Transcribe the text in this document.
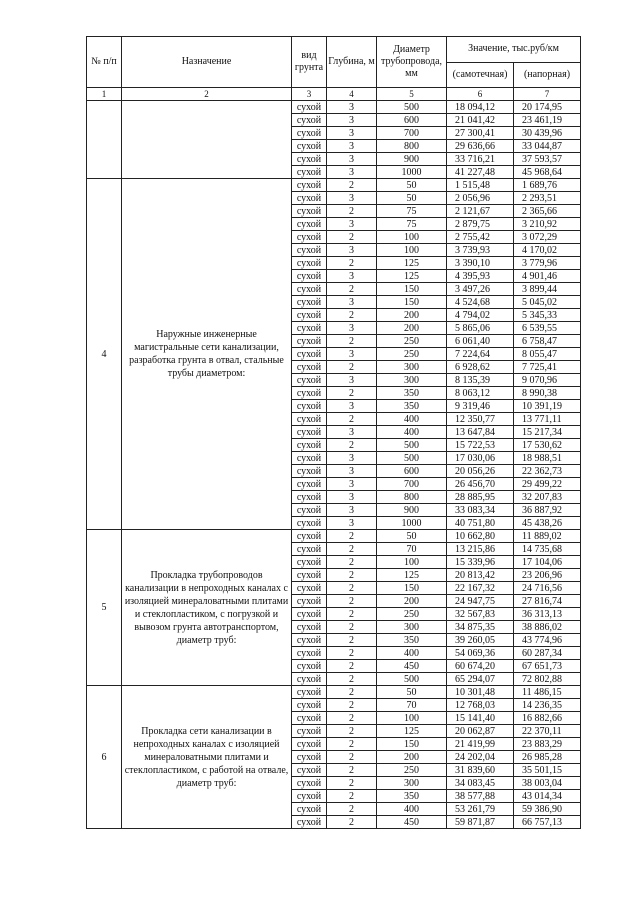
№ п/п	Назначение	вид грунта	Глубина, м	Диаметр трубопровода, мм	Значение, тыс.руб/км	
					(самотечная)	(напорная)
1	2	3	4	5	6	7
		сухой	3	500	18 094,12	20 174,95
		сухой	3	600	21 041,42	23 461,19
		сухой	3	700	27 300,41	30 439,96
		сухой	3	800	29 636,66	33 044,87
		сухой	3	900	33 716,21	37 593,57
		сухой	3	1000	41 227,48	45 968,64
4	Наружные инженерные магистральные сети канализации, разработка грунта в отвал, стальные трубы диаметром:	сухой	2	50	1 515,48	1 689,76
		сухой	3	50	2 056,96	2 293,51
		сухой	2	75	2 121,67	2 365,66
		сухой	3	75	2 879,75	3 210,92
		сухой	2	100	2 755,42	3 072,29
		сухой	3	100	3 739,93	4 170,02
		сухой	2	125	3 390,10	3 779,96
		сухой	3	125	4 395,93	4 901,46
		сухой	2	150	3 497,26	3 899,44
		сухой	3	150	4 524,68	5 045,02
		сухой	2	200	4 794,02	5 345,33
		сухой	3	200	5 865,06	6 539,55
		сухой	2	250	6 061,40	6 758,47
		сухой	3	250	7 224,64	8 055,47
		сухой	2	300	6 928,62	7 725,41
		сухой	3	300	8 135,39	9 070,96
		сухой	2	350	8 063,12	8 990,38
		сухой	3	350	9 319,46	10 391,19
		сухой	2	400	12 350,77	13 771,11
		сухой	3	400	13 647,84	15 217,34
		сухой	2	500	15 722,53	17 530,62
		сухой	3	500	17 030,06	18 988,51
		сухой	3	600	20 056,26	22 362,73
		сухой	3	700	26 456,70	29 499,22
		сухой	3	800	28 885,95	32 207,83
		сухой	3	900	33 083,34	36 887,92
		сухой	3	1000	40 751,80	45 438,26
5	Прокладка трубопроводов канализации в непроходных каналах с изоляцией минераловатными плитами и стеклопластиком, с погрузкой и вывозом грунта автотранспортом, диаметр труб:	сухой	2	50	10 662,80	11 889,02
		сухой	2	70	13 215,86	14 735,68
		сухой	2	100	15 339,96	17 104,06
		сухой	2	125	20 813,42	23 206,96
		сухой	2	150	22 167,32	24 716,56
		сухой	2	200	24 947,75	27 816,74
		сухой	2	250	32 567,83	36 313,13
		сухой	2	300	34 875,35	38 886,02
		сухой	2	350	39 260,05	43 774,96
		сухой	2	400	54 069,36	60 287,34
		сухой	2	450	60 674,20	67 651,73
		сухой	2	500	65 294,07	72 802,88
6	Прокладка сети канализации в непроходных каналах с изоляцией минераловатными плитами и стеклопластиком, с работой на отвале, диаметр труб:	сухой	2	50	10 301,48	11 486,15
		сухой	2	70	12 768,03	14 236,35
		сухой	2	100	15 141,40	16 882,66
		сухой	2	125	20 062,87	22 370,11
		сухой	2	150	21 419,99	23 883,29
		сухой	2	200	24 202,04	26 985,28
		сухой	2	250	31 839,60	35 501,15
		сухой	2	300	34 083,45	38 003,04
		сухой	2	350	38 577,88	43 014,34
		сухой	2	400	53 261,79	59 386,90
		сухой	2	450	59 871,87	66 757,13
